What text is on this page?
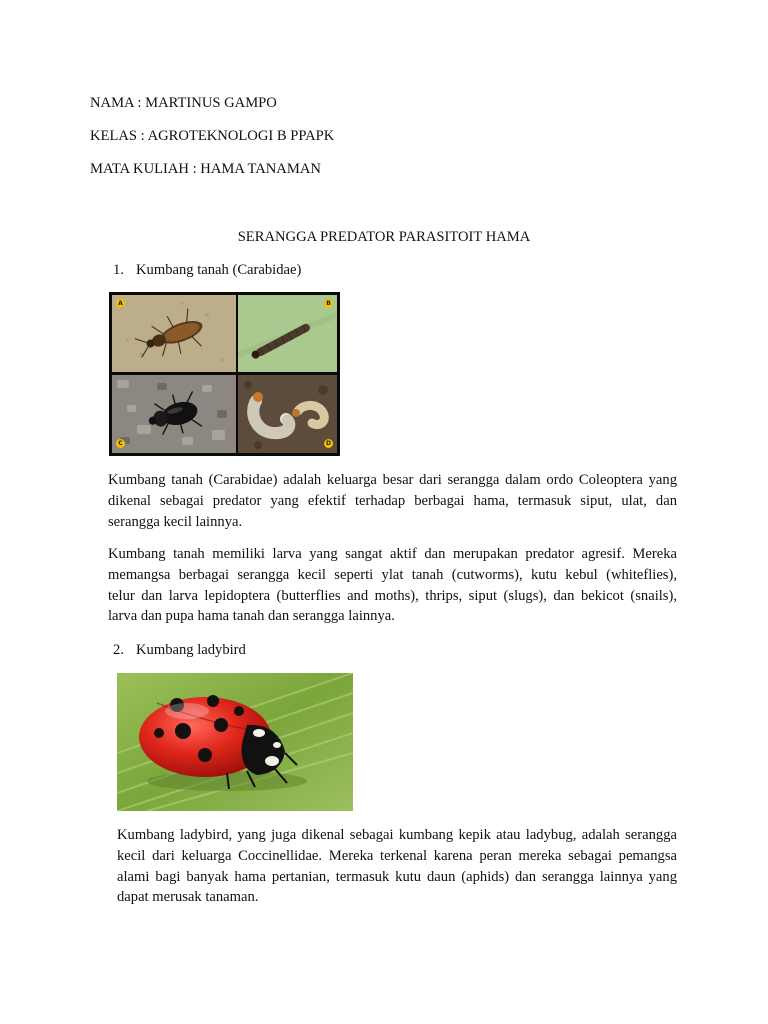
NAMA : MARTINUS GAMPO
KELAS : AGROTEKNOLOGI B PPAPK
MATA KULIAH : HAMA TANAMAN
SERANGGA PREDATOR PARASITOIT HAMA
1. Kumbang tanah (Carabidae)
A	B
C	D
Kumbang tanah (Carabidae) adalah keluarga besar dari serangga dalam ordo Coleoptera yang
dikenal sebagai predator yang efektif terhadap berbagai hama, termasuk siput, ulat, dan
serangga kecil lainnya.
Kumbang tanah memiliki larva yang sangat aktif dan merupakan predator agresif. Mereka
memangsa berbagai serangga kecil seperti ylat tanah (cutworms), kutu kebul (whiteflies),
telur dan larva lepidoptera (butterflies and moths), thrips, siput (slugs), dan bekicot (snails),
larva dan pupa hama tanah dan serangga lainnya.
2. Kumbang ladybird
Kumbang ladybird, yang juga dikenal sebagai kumbang kepik atau ladybug, adalah serangga
kecil dari keluarga Coccinellidae. Mereka terkenal karena peran mereka sebagai pemangsa
alami bagi banyak hama pertanian, termasuk kutu daun (aphids) dan serangga lainnya yang
dapat merusak tanaman.
